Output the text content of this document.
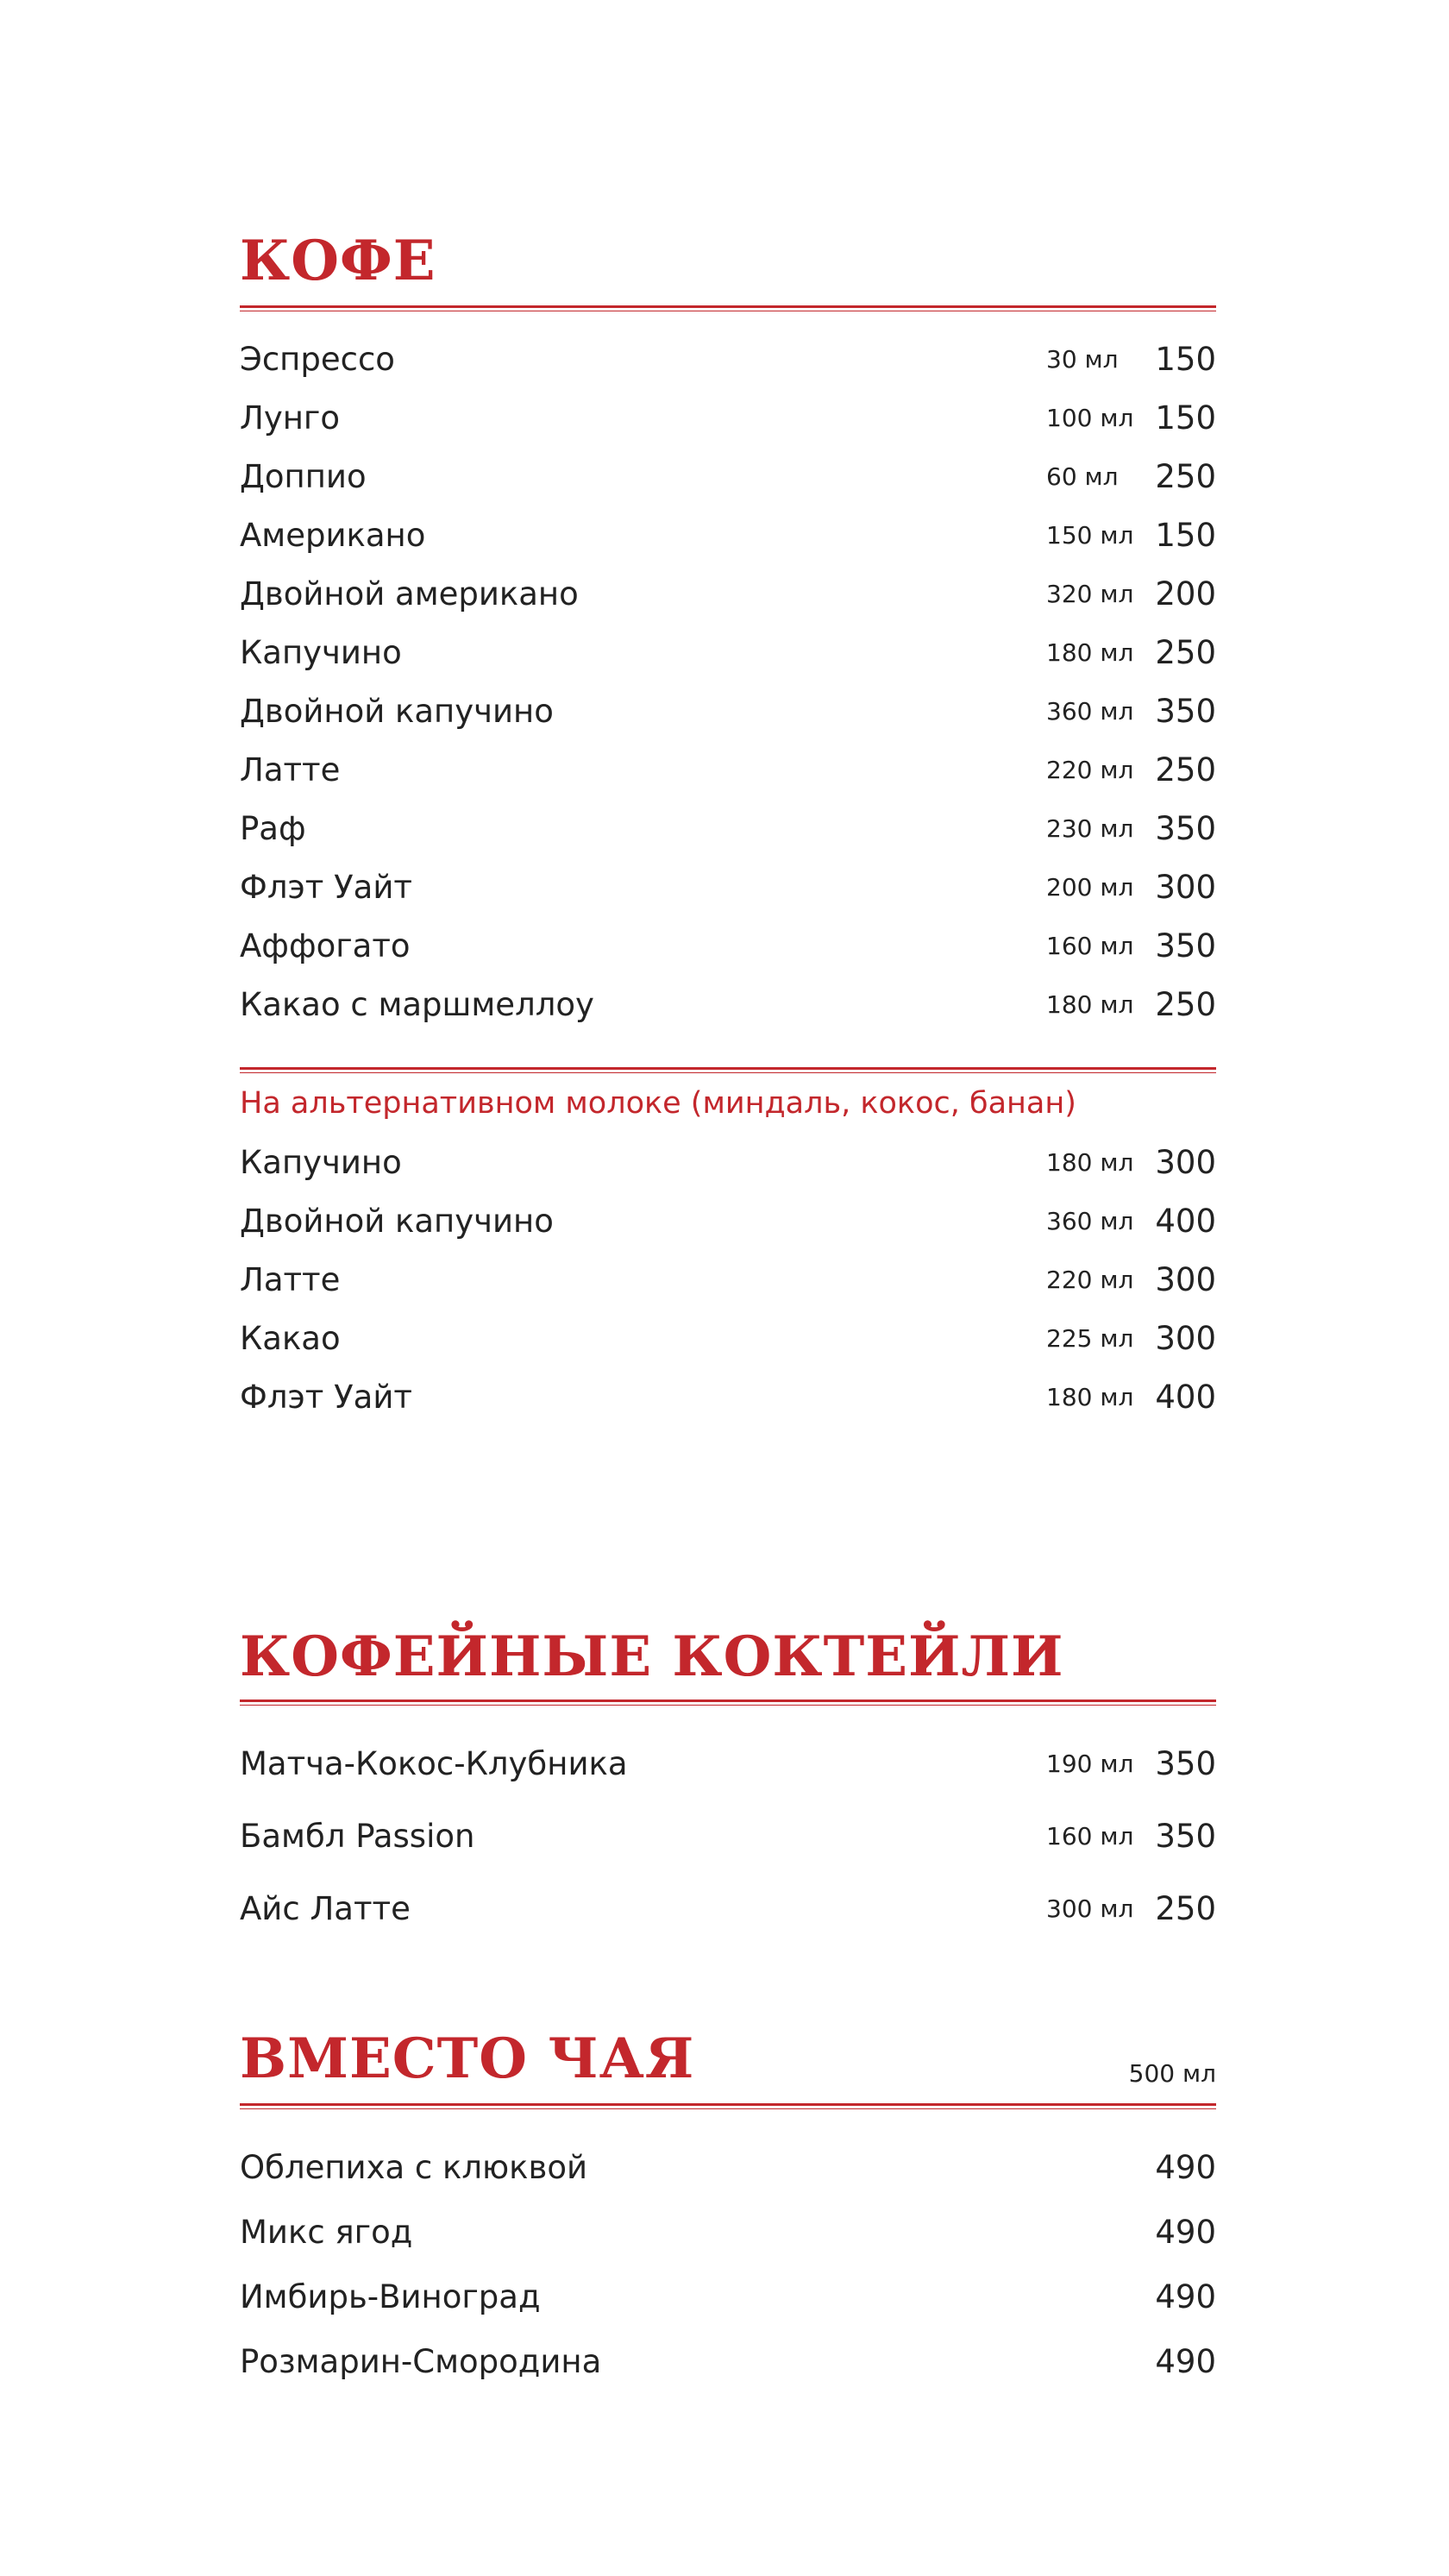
КОФЕ
Эспрессо	30 мл 150
Лунго	100 мл 150
Доппио	60 мл 250
Американо	150 мл 150
Двойной американо	320 мл 200
Капучино	180 мл 250
Двойной капучино	360 мл 350
Латте	220 мл 250
Раф	230 мл 350
Флэт Уайт	200 мл 300
Аффогато	160 мл 350
Какао с маршмеллоу	180 мл 250
На альтернативном молоке (миндаль, кокос, банан)
Капучино	180 мл 300
Двойной капучино	360 мл 400
Латте	220 мл 300
Какао	225 мл 300
Флэт Уайт	180 мл 400
КОФЕЙНЫЕ КОКТЕЙЛИ
Матча-Кокос-Клубника	190 мл 350
Бамбл Passion	160 мл 350
Айс Латте	300 мл 250
ВМЕСТО ЧАЯ	500 мл
Облепиха с клюквой	490
Микс ягод	490
Имбирь-Виноград	490
Розмарин-Смородина	490
